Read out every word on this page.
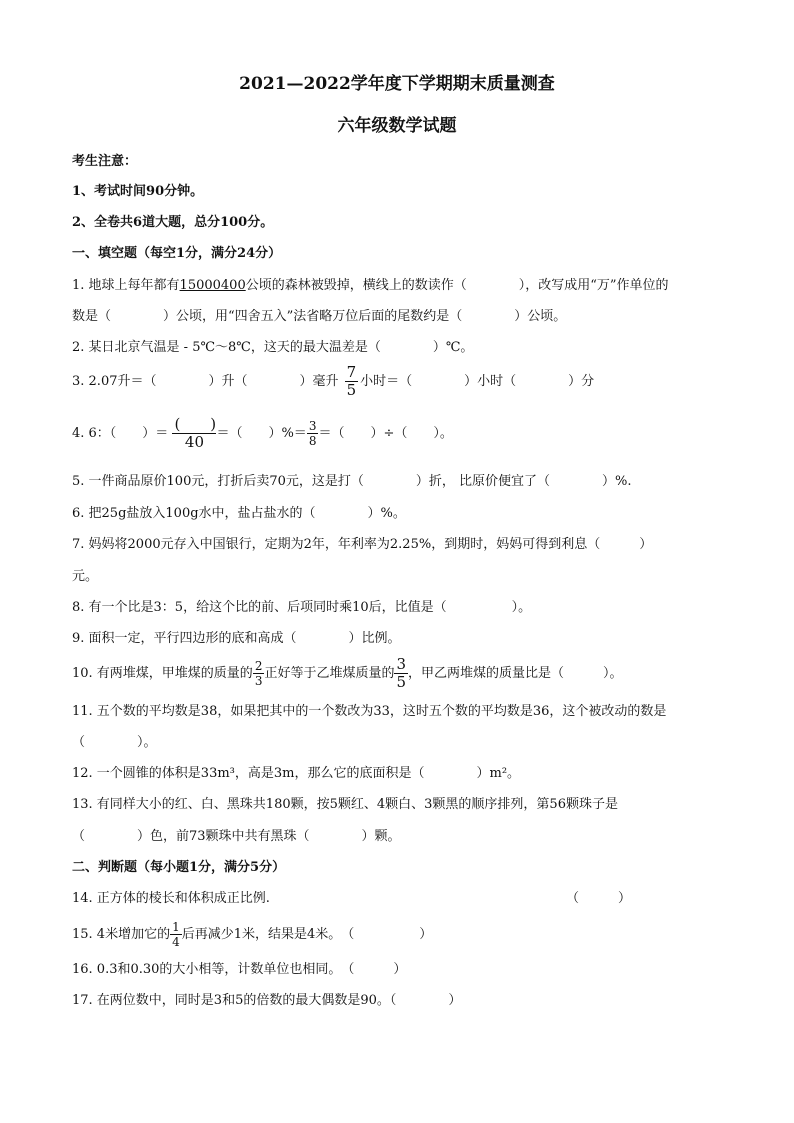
2021—2022学年度下学期期末质量测查
六年级数学试题
考生注意：
1、考试时间90分钟。
2、全卷共6道大题，总分100分。
一、填空题（每空1分，满分24分）
1. 地球上每年都有15000400公顷的森林被毁掉，横线上的数读作（　　　　），改写成用“万”作单位的
数是（　　　　）公顷，用“四舍五入”法省略万位后面的尾数约是（　　　　）公顷。
2. 某日北京气温是 - 5℃～8℃，这天的最大温差是（　　　　）℃。
3. 2.07升＝（　　　　）升（　　　　）毫升 $\frac{7}{5}$ 小时＝（　　　　）小时（　　　　）分
4. 6：（　　）＝ $\frac{( )}{40}$ ＝（　　）%＝ $\frac{3}{8}$ ＝（　　）÷（　　）。
5. 一件商品原价100元，打折后卖70元，这是打（　　　　）折， 比原价便宜了（　　　　）%.
6. 把25g盐放入100g水中，盐占盐水的（　　　　）%。
7. 妈妈将2000元存入中国银行，定期为2年，年利率为2.25%，到期时，妈妈可得到利息（　　　）
元。
8. 有一个比是3：5，给这个比的前、后项同时乘10后，比值是（　　　　　）。
9. 面积一定，平行四边形的底和高成（　　　　）比例。
10. 有两堆煤，甲堆煤的质量的 $\frac{2}{3}$ 正好等于乙堆煤质量的 $\frac{3}{5}$ ，甲乙两堆煤的质量比是（　　　）。
11. 五个数的平均数是38，如果把其中的一个数改为33，这时五个数的平均数是36，这个被改动的数是
（　　　　）。
12. 一个圆锥的体积是33m³，高是3m，那么它的底面积是（　　　　）m²。
13. 有同样大小的红、白、黑珠共180颗，按5颗红、4颗白、3颗黑的顺序排列，第56颗珠子是
（　　　　）色，前73颗珠中共有黑珠（　　　　）颗。
二、判断题（每小题1分，满分5分）
14. 正方体的棱长和体积成正比例.	（　　　）
15. 4米增加它的 $\frac{1}{4}$ 后再减少1米，结果是4米。　（　　　　　）
16. 0.3和0.30的大小相等，计数单位也相同。　（　　　）
17. 在两位数中，同时是3和5的倍数的最大偶数是90。（　　　　）
